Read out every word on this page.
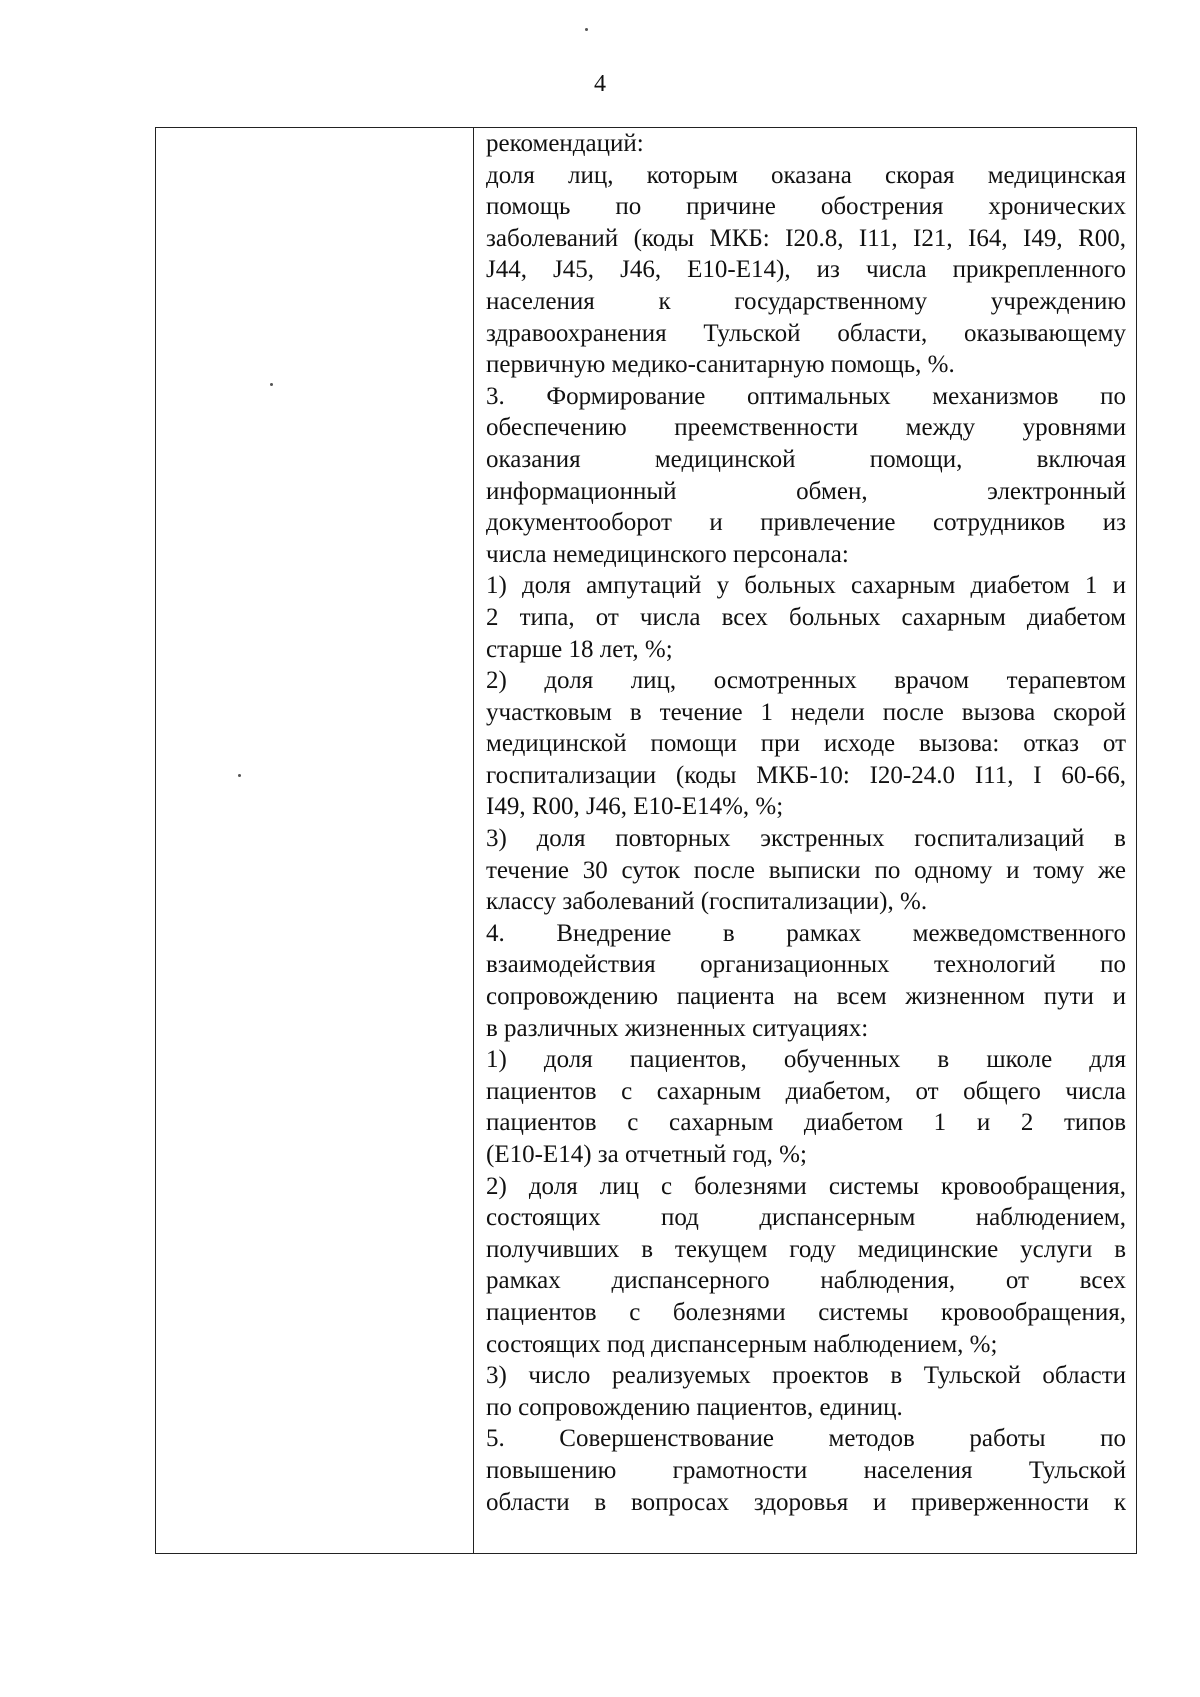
4
рекомендаций:
доля лиц, которым оказана скорая медицинская
помощь по причине обострения хронических
заболеваний (коды МКБ: I20.8, I11, I21, I64, I49, R00,
J44, J45, J46, E10-E14), из числа прикрепленного
населения к государственному учреждению
здравоохранения Тульской области, оказывающему
первичную медико-санитарную помощь, %.
3. Формирование оптимальных механизмов по
обеспечению преемственности между уровнями
оказания медицинской помощи, включая
информационный обмен, электронный
документооборот и привлечение сотрудников из
числа немедицинского персонала:
1) доля ампутаций у больных сахарным диабетом 1 и
2 типа, от числа всех больных сахарным диабетом
старше 18 лет, %;
2) доля лиц, осмотренных врачом терапевтом
участковым в течение 1 недели после вызова скорой
медицинской помощи при исходе вызова: отказ от
госпитализации (коды МКБ-10: I20-24.0 I11, I 60-66,
I49, R00, J46, E10-E14%, %;
3) доля повторных экстренных госпитализаций в
течение 30 суток после выписки по одному и тому же
классу заболеваний (госпитализации), %.
4. Внедрение в рамках межведомственного
взаимодействия организационных технологий по
сопровождению пациента на всем жизненном пути и
в различных жизненных ситуациях:
1) доля пациентов, обученных в школе для
пациентов с сахарным диабетом, от общего числа
пациентов с сахарным диабетом 1 и 2 типов
(E10-E14) за отчетный год, %;
2) доля лиц с болезнями системы кровообращения,
состоящих под диспансерным наблюдением,
получивших в текущем году медицинские услуги в
рамках диспансерного наблюдения, от всех
пациентов с болезнями системы кровообращения,
состоящих под диспансерным наблюдением, %;
3) число реализуемых проектов в Тульской области
по сопровождению пациентов, единиц.
5. Совершенствование методов работы по
повышению грамотности населения Тульской
области в вопросах здоровья и приверженности к
